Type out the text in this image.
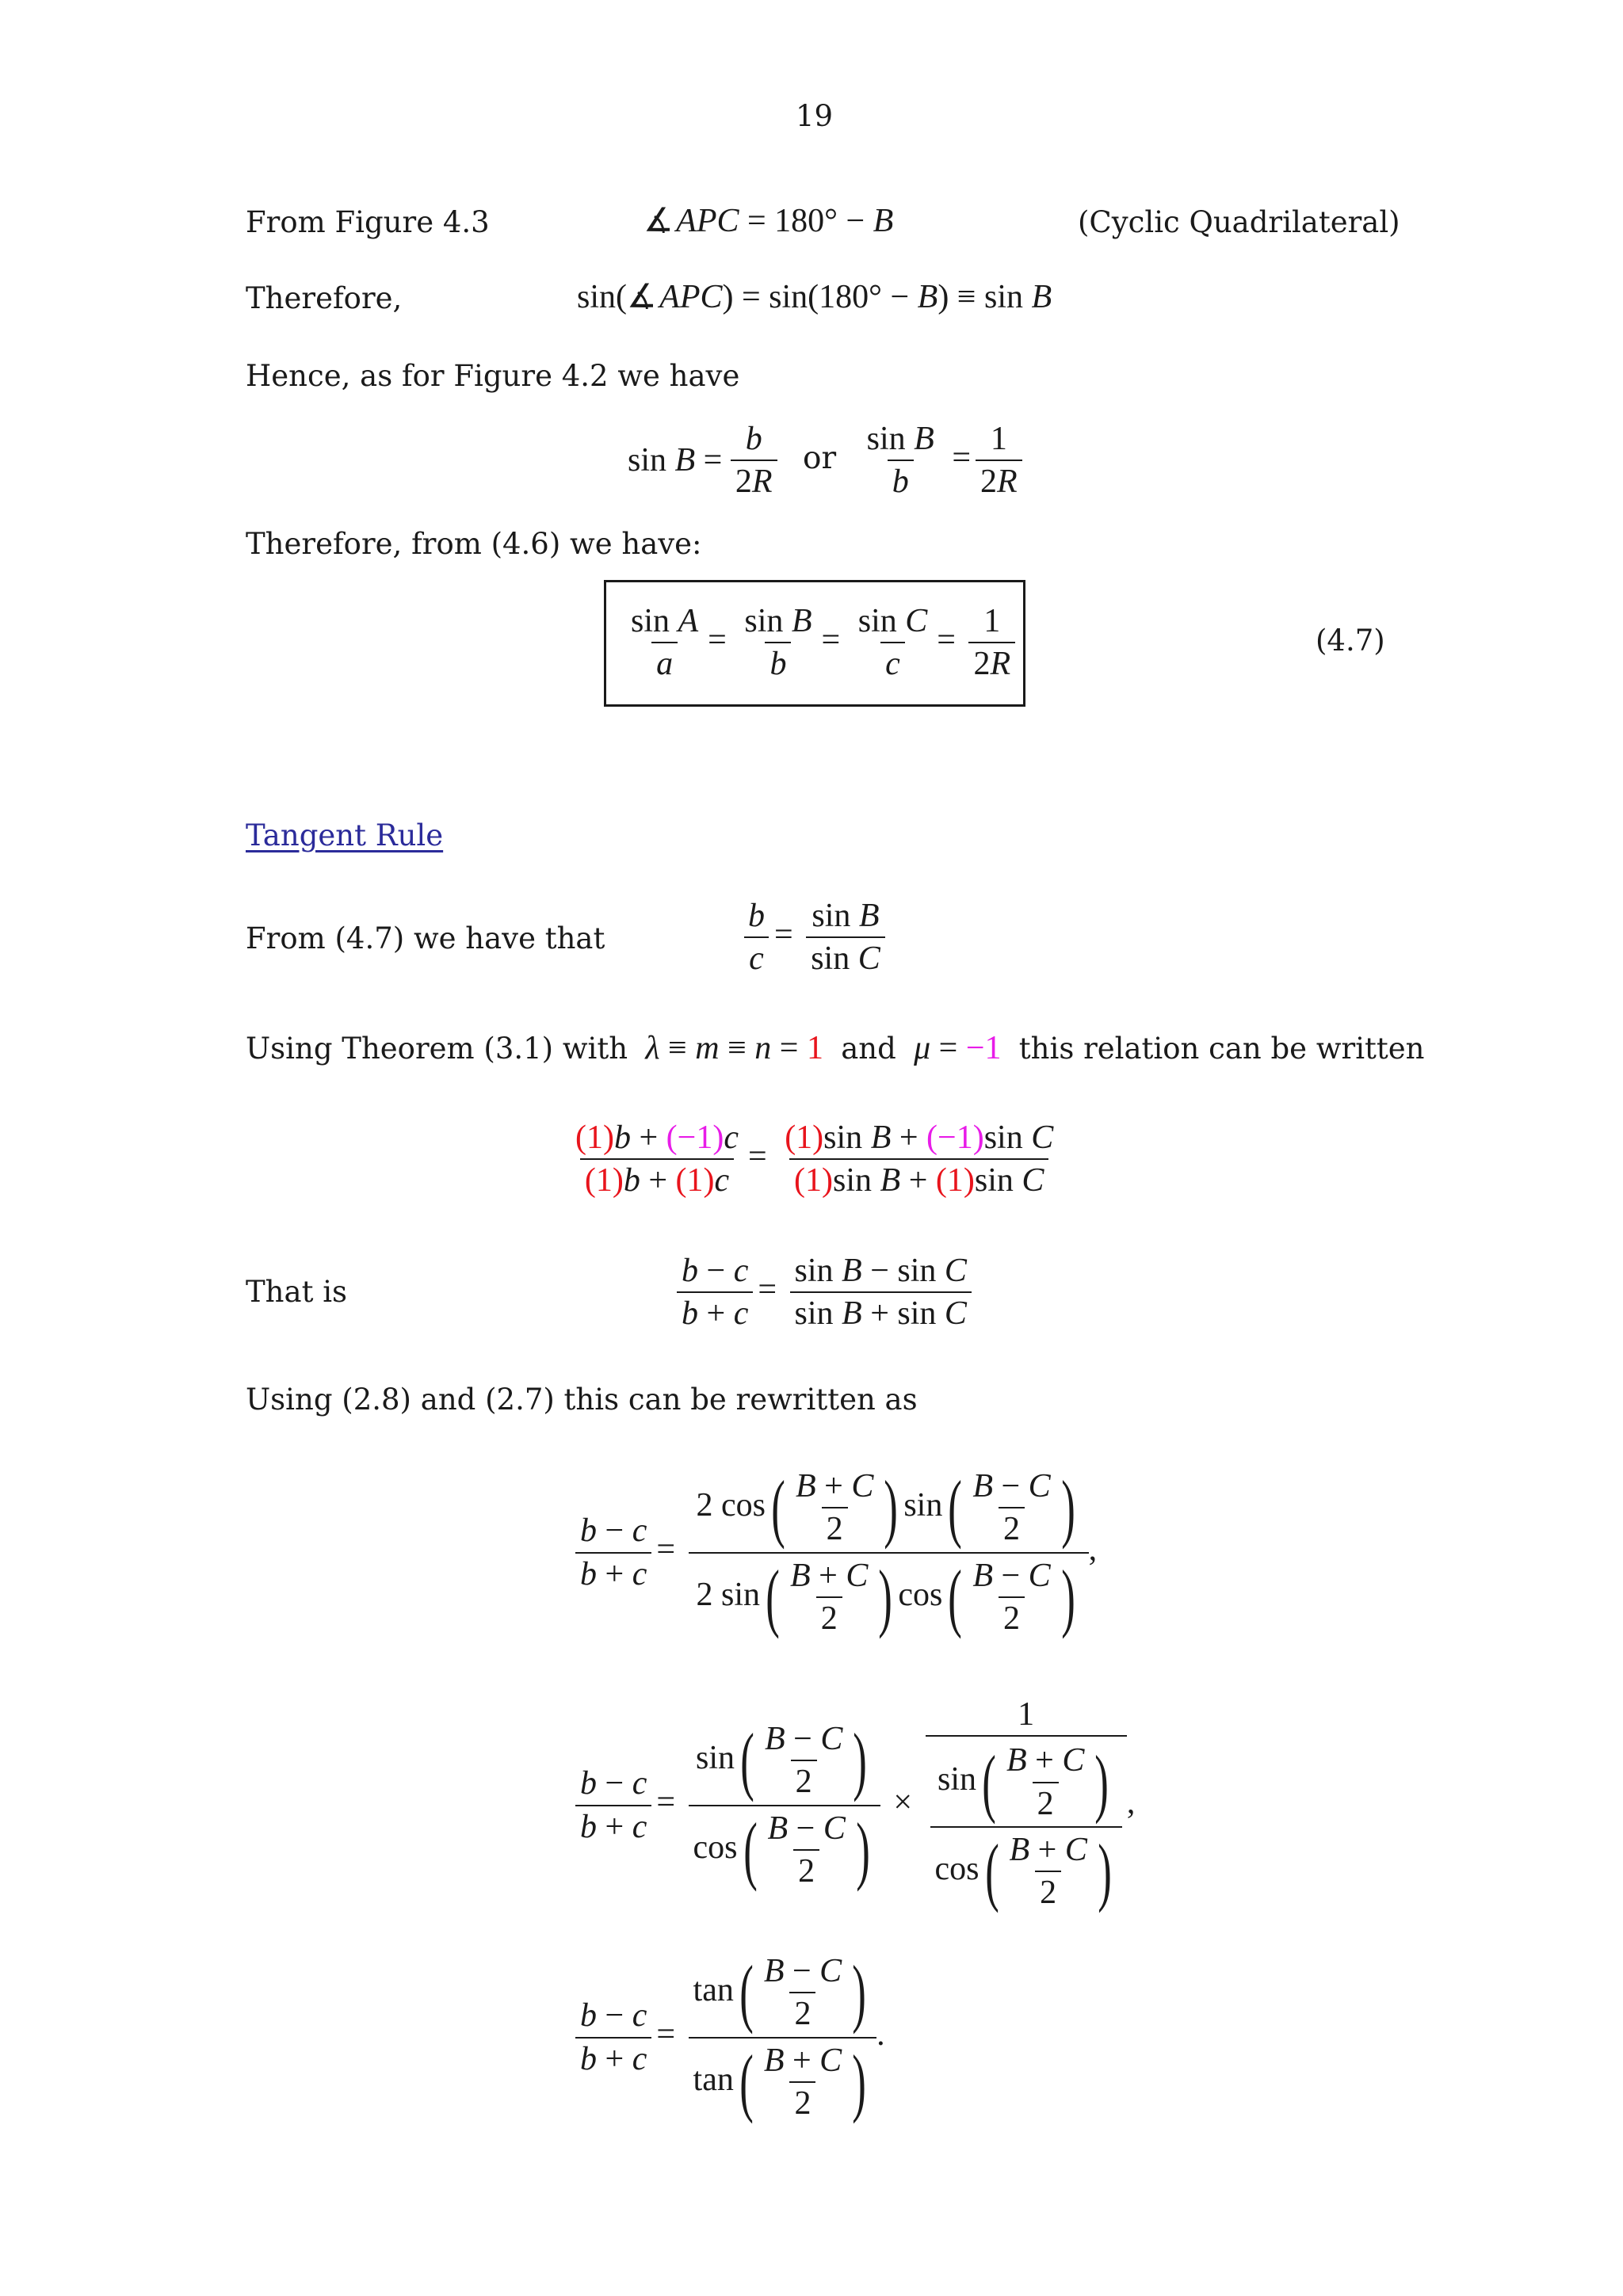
19
From Figure 4.3	∡ APC = 180° − B	(Cyclic Quadrilateral)
Therefore,	sin(∡ APC) = sin(180° − B) ≡ sin B
Hence, as for Figure 4.2 we have
$\sin B = \frac{b}{2R}$ or $\frac{\text{sin B}}{b} = \frac{1}{2R}$
Therefore, from (4.6) we have:
$\frac{\text{sin A}}{a} = \frac{\text{sin B}}{b} = \frac{\text{sin C}}{c} = \frac{1}{2R}$	(4.7)
Tangent Rule
From (4.7) we have that	$\frac{b}{c} = \frac{\text{sin B}}{\text{sin C}}$
Using Theorem (3.1) with λ ≡ m ≡ n = 1 and μ = −1 this relation can be written
$\frac{(1)b + (-1)c}{(1)b + (1)c} = \frac{\text{(1)sin B + (−1)sin C}}{\text{(1)sin B + (1)sin C}}$
That is	$\frac{b - c}{b + c} = \frac{\text{sin B − sin C}}{\text{sin B + sin C}}$
Using (2.8) and (2.7) this can be rewritten as
$\frac{b - c}{b + c} = \frac{2 \cos( \frac{B + C}{2} ) \sin( \frac{B - C}{2} )}{2 \sin( \frac{B + C}{2} ) \cos( \frac{B - C}{2} )}$ ,
$\frac{b - c}{b + c} = \frac{\sin( \frac{B - C}{2} )}{\cos( \frac{B - C}{2} )} \times \frac{1}{\frac{\sin( \frac{B + C}{2} )}{\cos( \frac{B + C}{2} )}}$ ,
$\frac{b - c}{b + c} = \frac{\tan( \frac{B - C}{2} )}{\tan( \frac{B + C}{2} )}$ .
